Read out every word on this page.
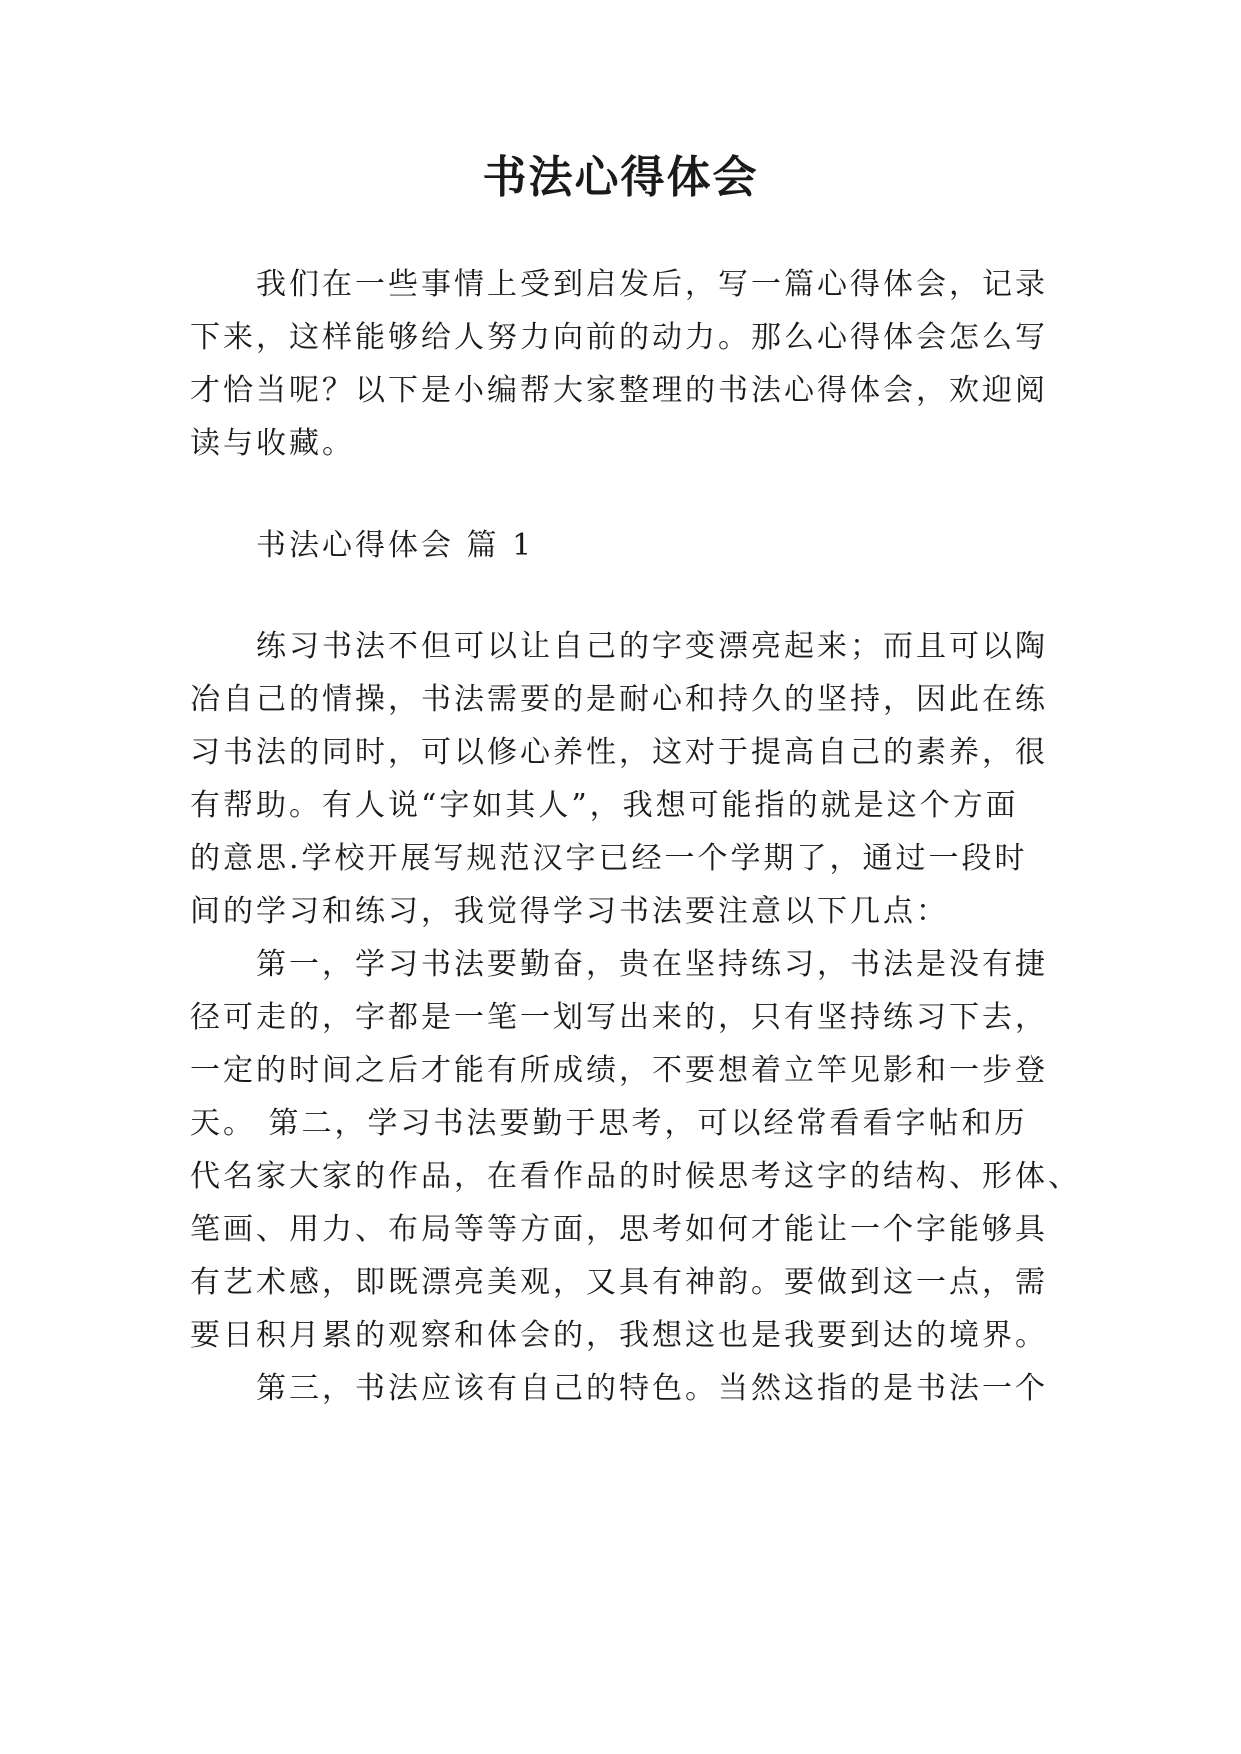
书法心得体会
我们在一些事情上受到启发后，写一篇心得体会，记录
下来，这样能够给人努力向前的动力。那么心得体会怎么写
才恰当呢？以下是小编帮大家整理的书法心得体会，欢迎阅
读与收藏。
书法心得体会 篇 1
练习书法不但可以让自己的字变漂亮起来；而且可以陶
冶自己的情操，书法需要的是耐心和持久的坚持，因此在练
习书法的同时，可以修心养性，这对于提高自己的素养，很
有帮助。有人说“字如其人”，我想可能指的就是这个方面
的意思.学校开展写规范汉字已经一个学期了，通过一段时
间的学习和练习，我觉得学习书法要注意以下几点：
第一，学习书法要勤奋，贵在坚持练习，书法是没有捷
径可走的，字都是一笔一划写出来的，只有坚持练习下去，
一定的时间之后才能有所成绩，不要想着立竿见影和一步登
天。 第二，学习书法要勤于思考，可以经常看看字帖和历
代名家大家的作品，在看作品的时候思考这字的结构、形体、
笔画、用力、布局等等方面，思考如何才能让一个字能够具
有艺术感，即既漂亮美观，又具有神韵。要做到这一点，需
要日积月累的观察和体会的，我想这也是我要到达的境界。
第三，书法应该有自己的特色。当然这指的是书法一个
